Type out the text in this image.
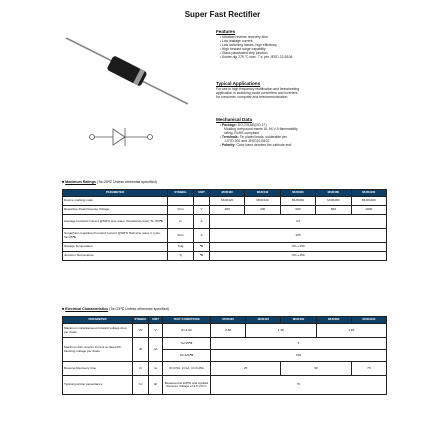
Super Fast Rectifier
Features
▪ Ultrafast reverse recovery time
▪ Low leakage current
▪ Low switching losses, high efficiency
▪ High forward surge capability
▪ Glass passivated chip junction
▪ Solder dip 275 °C max. 7 s, per JESD 22-B106
Typical Applications
For use in high frequency rectification and freewheeling
application in switching mode converters and inverters
for consumer, computer and telecommunication
Mechanical Data
▪ Package: DO-201AD(DO-27)
Molding compound meets UL 94 V-0 flammability
rating, RoHS-compliant
▪ Terminals: Tin plated leads, solderable per
J-STD-002 and JESD22-B102
▪ Polarity: Color band denotes the cathode end
■ Maximum Ratings (Ta=25℃ Unless otherwise specified)
PARAMETER	SYMBOL	UNIT	MUR420	MUR440	MUR460	MUR480	MUR4100
Device marking code			MUR420	MUR440	MUR460	MUR480	MUR4100
Repetitive Peak Reverse Voltage	Vrrm	V	200	400	600	800	1000
Average Forward Current @60Hz sine wave, Resistance load, Ta =50℃	Io	A	4.0				
Surge(Non-repetitive) Forward Current @60Hz Half-sine wave,1 cycle, Ta=25℃	Ifsm	A	125				
Storage Temperature	Tstg	℃	-55~+150				
Junction Temperature	Tj	℃	-55~+150				
■ Electrical Characteristics (Ta=25℃ Unless otherwise specified)
PARAMETER	SYMBOL	UNIT	TEST CONDITIONS	MUR420	MUR440	MUR460	MUR480	MUR4100
Maximum instantaneous forward voltage drop per diode	VF	V	IF=4.0A	0.88	1.28		1.65	
Maximum DC reverse current at rated DC blocking voltage per diode	IR	μA	Ta=25℃	5				
			Ta=100℃	150				
Reverse Recovery time	trr	ns	IF=0.5A, Ir=1A, Irr=0.25A	25		50		75
Typical junction capacitance	CJ	pF	Measured at 1MHZ and Applied Reverse Voltage of 4.0 V.D.C	70				
